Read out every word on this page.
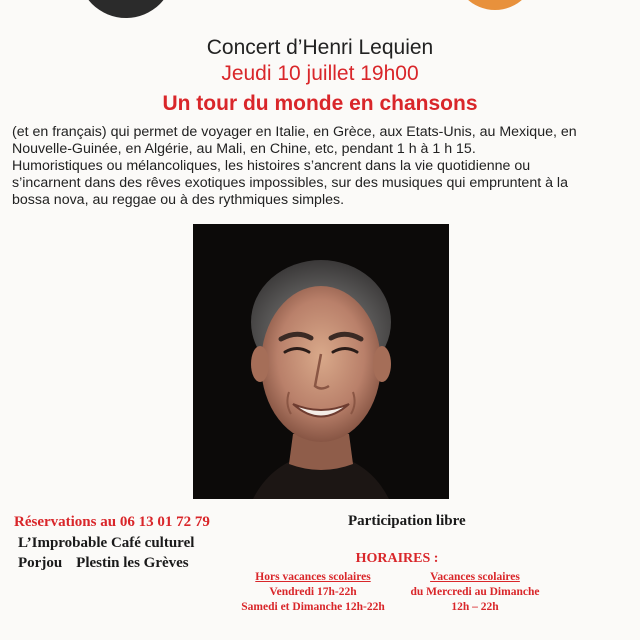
Concert d’Henri Lequien
Jeudi 10 juillet 19h00
Un tour du monde en chansons
(et en français) qui permet de voyager en Italie, en Grèce, aux Etats-Unis, au Mexique, en
Nouvelle-Guinée, en Algérie, au Mali, en Chine, etc, pendant 1 h à 1 h 15.
Humoristiques ou mélancoliques, les histoires s’ancrent dans la vie quotidienne ou
s’incarnent dans des rêves exotiques impossibles, sur des musiques qui empruntent à la
bossa nova, au reggae ou à des rythmiques simples.
Réservations au 06 13 01 72 79
L’Improbable Café culturel
Porjou Plestin les Grèves
Participation libre
HORAIRES :
Hors vacances scolaires
Vendredi 17h-22h
Samedi et Dimanche 12h-22h
Vacances scolaires
du Mercredi au Dimanche
12h – 22h
